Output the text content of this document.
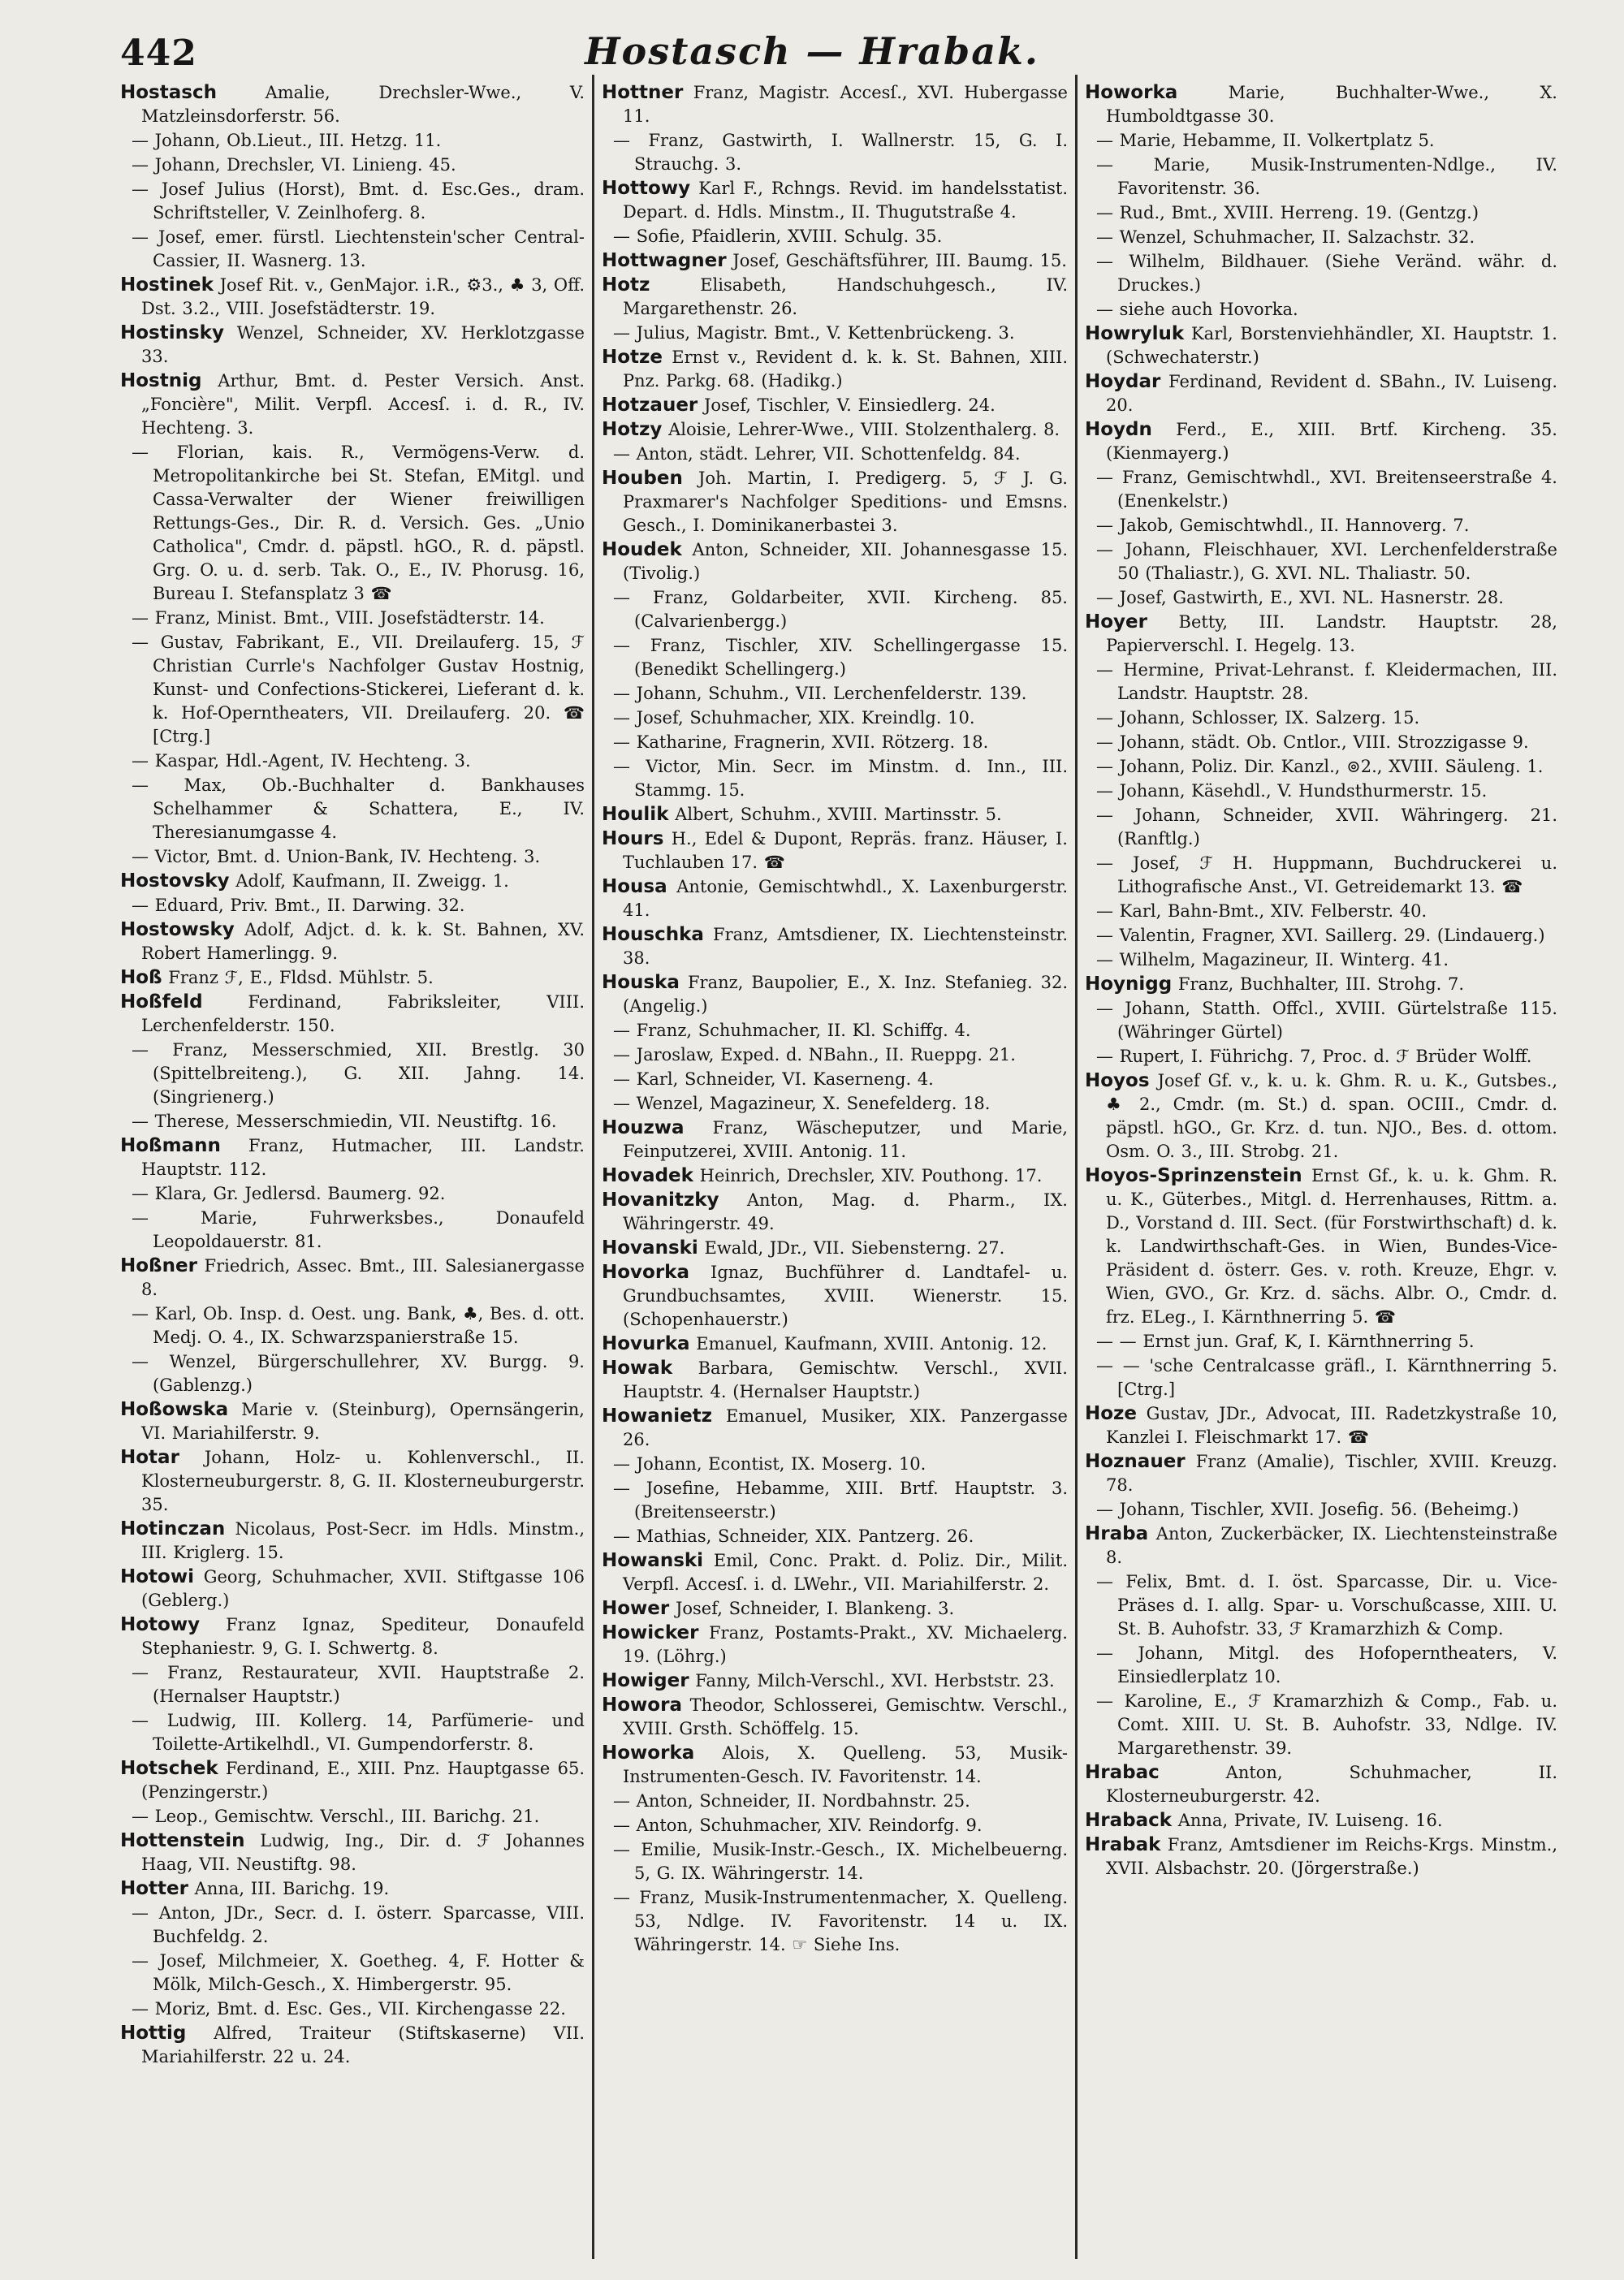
442	Hostasch — Hrabak.

Hostasch	Amalie, Drechsler-Wwe., V. Matzleinsdorferstr. 56.

— Johann, Ob.Lieut., III. Hetzg. 11.

— Johann, Drechsler, VI. Linieng. 45.

— Josef Julius (Horst), Bmt. d. Esc.Ges., dram. Schriftsteller, V. Zeinlhoferg. 8.

— Josef, emer. fürstl. Liechtenstein'scher Central-Cassier, II. Wasnerg. 13.

Hostinek Josef Rit. v., GenMajor. i.R., ⚙3., ♣ 3, Off. Dst. 3.2., VIII. Josefstädterstr. 19.

Hostinsky Wenzel, Schneider, XV. Herklotzgasse 33.

Hostnig Arthur, Bmt. d. Pester Versich. Anst. „Foncière", Milit. Verpfl. Accesſ. i. d. R., IV. Hechteng. 3.

— Florian, kais. R., Vermögens-Verw. d. Metropolitankirche bei St. Stefan, EMitgl. und Cassa-Verwalter der Wiener freiwilligen Rettungs-Ges., Dir. R. d. Versich. Ges. „Unio Catholica", Cmdr. d. päpstl. hGO., R. d. päpstl. Grg. O. u. d. serb. Tak. O., E., IV. Phorusg. 16, Bureau I. Stefansplatz 3 ☎

— Franz, Minist. Bmt., VIII. Josefstädterstr. 14.

— Gustav, Fabrikant, E., VII. Dreilauferg. 15, ℱ Christian Currle's Nachfolger Gustav Hostnig, Kunst- und Confections-Stickerei, Lieferant d. k. k. Hof-Operntheaters, VII. Dreilauferg. 20. ☎ [Ctrg.]

— Kaspar, Hdl.-Agent, IV. Hechteng. 3.

— Max, Ob.-Buchhalter d. Bankhauses Schelhammer & Schattera, E., IV. Theresianumgasse 4.

— Victor, Bmt. d. Union-Bank, IV. Hechteng. 3.

Hostovsky Adolf, Kaufmann, II. Zweigg. 1.

— Eduard, Priv. Bmt., II. Darwing. 32.

Hostowsky Adolf, Adjct. d. k. k. St. Bahnen, XV. Robert Hamerlingg. 9.

Hoß Franz ℱ, E., Fldsd. Mühlstr. 5.

Hoßfeld	Ferdinand, Fabriksleiter, VIII. Lerchenfelderstr. 150.

— Franz, Messerschmied, XII. Brestlg. 30 (Spittelbreiteng.), G. XII. Jahng. 14. (Singrienerg.)

— Therese, Messerschmiedin, VII. Neustiftg. 16.

Hoßmann Franz, Hutmacher, III. Landstr. Hauptstr. 112.

— Klara, Gr. Jedlersd. Baumerg. 92.

— Marie, Fuhrwerksbes., Donaufeld Leopoldauerstr. 81.

Hoßner Friedrich, Assec. Bmt., III. Salesianergasse 8.

— Karl, Ob. Insp. d. Oest. ung. Bank, ♣, Bes. d. ott. Medj. O. 4., IX. Schwarzspanierstraße 15.

— Wenzel, Bürgerschullehrer, XV. Burgg. 9. (Gablenzg.)

Hoßowska Marie v. (Steinburg), Opernsängerin, VI. Mariahilferstr. 9.

Hotar Johann, Holz- u. Kohlenverschl., II. Klosterneuburgerstr. 8, G. II. Klosterneuburgerstr. 35.

Hotinczan Nicolaus, Post-Secr. im Hdls. Minstm., III. Kriglerg. 15.

Hotowi Georg, Schuhmacher, XVII. Stiftgasse 106 (Geblerg.)

Hotowy Franz Ignaz, Spediteur, Donaufeld Stephaniestr. 9, G. I. Schwertg. 8.

— Franz, Restaurateur, XVII. Hauptstraße 2. (Hernalser Hauptstr.)

— Ludwig, III. Kollerg. 14, Parfümerie- und Toilette-Artikelhdl., VI. Gumpendorferstr. 8.

Hotschek Ferdinand, E., XIII. Pnz. Hauptgasse 65. (Penzingerstr.)

— Leop., Gemischtw. Verschl., III. Barichg. 21.

Hottenstein Ludwig, Ing., Dir. d. ℱ Johannes Haag, VII. Neustiftg. 98.

Hotter Anna, III. Barichg. 19.

— Anton, JDr., Secr. d. I. österr. Sparcasse, VIII. Buchfeldg. 2.

— Josef, Milchmeier, X. Goetheg. 4, F. Hotter & Mölk, Milch-Gesch., X. Himbergerstr. 95.

— Moriz, Bmt. d. Esc. Ges., VII. Kirchengasse 22.

Hottig Alfred, Traiteur (Stiftskaserne) VII. Mariahilferstr. 22 u. 24.

Hottner Franz, Magistr. Accesſ., XVI. Hubergasse 11.

— Franz, Gastwirth, I. Wallnerstr. 15, G. I. Strauchg. 3.

Hottowy Karl F., Rchngs. Revid. im handelsstatist. Depart. d. Hdls. Minstm., II. Thugutstraße 4.

— Sofie, Pfaidlerin, XVIII. Schulg. 35.

Hottwagner Josef, Geschäftsführer, III. Baumg. 15.

Hotz	Elisabeth, Handschuhgesch., IV. Margarethenstr. 26.

— Julius, Magistr. Bmt., V. Kettenbrückeng. 3.

Hotze Ernst v., Revident d. k. k. St. Bahnen, XIII. Pnz. Parkg. 68. (Hadikg.)

Hotzauer Josef, Tischler, V. Einsiedlerg. 24.

Hotzy Aloisie, Lehrer-Wwe., VIII. Stolzenthalerg. 8.

— Anton, städt. Lehrer, VII. Schottenfeldg. 84.

Houben Joh. Martin, I. Predigerg. 5, ℱ J. G. Praxmarer's Nachfolger Speditions- und Emsns. Gesch., I. Dominikanerbastei 3.

Houdek Anton, Schneider, XII. Johannesgasse 15. (Tivolig.)

— Franz, Goldarbeiter, XVII. Kircheng. 85. (Calvarienbergg.)

— Franz, Tischler, XIV. Schellingergasse 15. (Benedikt Schellingerg.)

— Johann, Schuhm., VII. Lerchenfelderstr. 139.

— Josef, Schuhmacher, XIX. Kreindlg. 10.

— Katharine, Fragnerin, XVII. Rötzerg. 18.

— Victor, Min. Secr. im Minstm. d. Inn., III. Stammg. 15.

Houlik Albert, Schuhm., XVIII. Martinsstr. 5.

Hours H., Edel & Dupont, Repräs. franz. Häuser, I. Tuchlauben 17. ☎

Housa Antonie, Gemischtwhdl., X. Laxenburgerstr. 41.

Houschka Franz, Amtsdiener, IX. Liechtensteinstr. 38.

Houska Franz, Baupolier, E., X. Inz. Stefanieg. 32. (Angelig.)

— Franz, Schuhmacher, II. Kl. Schiffg. 4.

— Jaroslaw, Exped. d. NBahn., II. Rueppg. 21.

— Karl, Schneider, VI. Kaserneng. 4.

— Wenzel, Magazineur, X. Senefelderg. 18.

Houzwa Franz, Wäscheputzer, und Marie, Feinputzerei, XVIII. Antonig. 11.

Hovadek Heinrich, Drechsler, XIV. Pouthong. 17.

Hovanitzky Anton, Mag. d. Pharm., IX. Währingerstr. 49.

Hovanski Ewald, JDr., VII. Siebensterng. 27.

Hovorka Ignaz, Buchführer d. Landtafel- u. Grundbuchsamtes, XVIII. Wienerstr. 15. (Schopenhauerstr.)

Hovurka Emanuel, Kaufmann, XVIII. Antonig. 12.

Howak Barbara, Gemischtw. Verschl., XVII. Hauptstr. 4. (Hernalser Hauptstr.)

Howanietz Emanuel, Musiker, XIX. Panzergasse 26.

— Johann, Econtist, IX. Moserg. 10.

— Josefine, Hebamme, XIII. Brtf. Hauptstr. 3. (Breitenseerstr.)

— Mathias, Schneider, XIX. Pantzerg. 26.

Howanski Emil, Conc. Prakt. d. Poliz. Dir., Milit. Verpfl. Accesſ. i. d. LWehr., VII. Mariahilferstr. 2.

Hower Josef, Schneider, I. Blankeng. 3.

Howicker Franz, Postamts-Prakt., XV. Michaelerg. 19. (Löhrg.)

Howiger Fanny, Milch-Verschl., XVI. Herbststr. 23.

Howora Theodor, Schlosserei, Gemischtw. Verschl., XVIII. Grsth. Schöffelg. 15.

Howorka Alois, X. Quelleng. 53, Musik-Instrumenten-Gesch. IV. Favoritenstr. 14.

— Anton, Schneider, II. Nordbahnstr. 25.

— Anton, Schuhmacher, XIV. Reindorfg. 9.

— Emilie, Musik-Instr.-Gesch., IX. Michelbeuerng. 5, G. IX. Währingerstr. 14.

— Franz, Musik-Instrumentenmacher, X. Quelleng. 53, Ndlge. IV. Favoritenstr. 14 u. IX. Währingerstr. 14. ☞ Siehe Ins.

Howorka	Marie, Buchhalter-Wwe., X. Humboldtgasse 30.

— Marie, Hebamme, II. Volkertplatz 5.

— Marie, Musik-Instrumenten-Ndlge., IV. Favoritenstr. 36.

— Rud., Bmt., XVIII. Herreng. 19. (Gentzg.)

— Wenzel, Schuhmacher, II. Salzachstr. 32.

— Wilhelm, Bildhauer. (Siehe Veränd. währ. d. Druckes.)

— siehe auch Hovorka.

Howryluk Karl, Borstenviehhändler, XI. Hauptstr. 1. (Schwechaterstr.)

Hoydar Ferdinand, Revident d. SBahn., IV. Luiseng. 20.

Hoydn Ferd., E., XIII. Brtf. Kircheng. 35. (Kienmayerg.)

— Franz, Gemischtwhdl., XVI. Breitenseerstraße 4. (Enenkelstr.)

— Jakob, Gemischtwhdl., II. Hannoverg. 7.

— Johann, Fleischhauer, XVI. Lerchenfelderstraße 50 (Thaliastr.), G. XVI. NL. Thaliastr. 50.

— Josef, Gastwirth, E., XVI. NL. Hasnerstr. 28.

Hoyer Betty, III. Landstr. Hauptstr. 28, Papierverschl. I. Hegelg. 13.

— Hermine, Privat-Lehranst. f. Kleidermachen, III. Landstr. Hauptstr. 28.

— Johann, Schlosser, IX. Salzerg. 15.

— Johann, städt. Ob. Cntlor., VIII. Strozzigasse 9.

— Johann, Poliz. Dir. Kanzl., ⊚2., XVIII. Säuleng. 1.

— Johann, Käsehdl., V. Hundsthurmerstr. 15.

— Johann, Schneider, XVII. Währingerg. 21. (Ranftlg.)

— Josef, ℱ H. Huppmann, Buchdruckerei u. Lithografische Anst., VI. Getreidemarkt 13. ☎

— Karl, Bahn-Bmt., XIV. Felberstr. 40.

— Valentin, Fragner, XVI. Saillerg. 29. (Lindauerg.)

— Wilhelm, Magazineur, II. Winterg. 41.

Hoynigg Franz, Buchhalter, III. Strohg. 7.

— Johann, Statth. Offcl., XVIII. Gürtelstraße 115. (Währinger Gürtel)

— Rupert, I. Führichg. 7, Proc. d. ℱ Brüder Wolff.

Hoyos Josef Gf. v., k. u. k. Ghm. R. u. K., Gutsbes., ♣ 2., Cmdr. (m. St.) d. span. OCIII., Cmdr. d. päpstl. hGO., Gr. Krz. d. tun. NJO., Bes. d. ottom. Osm. O. 3., III. Strobg. 21.

Hoyos-Sprinzenstein Ernst Gf., k. u. k. Ghm. R. u. K., Güterbes., Mitgl. d. Herrenhauses, Rittm. a. D., Vorstand d. III. Sect. (für Forstwirthschaft) d. k. k. Landwirthschaft-Ges. in Wien, Bundes-Vice-Präsident d. österr. Ges. v. roth. Kreuze, Ehgr. v. Wien, GVO., Gr. Krz. d. sächs. Albr. O., Cmdr. d. frz. ELeg., I. Kärnthnerring 5. ☎

— — Ernst jun. Graf, K, I. Kärnthnerring 5.

— — 'sche Centralcasse gräfl., I. Kärnthnerring 5. [Ctrg.]

Hoze Gustav, JDr., Advocat, III. Radetzkystraße 10, Kanzlei I. Fleischmarkt 17. ☎

Hoznauer Franz (Amalie), Tischler, XVIII. Kreuzg. 78.

— Johann, Tischler, XVII. Josefig. 56. (Beheimg.)

Hraba Anton, Zuckerbäcker, IX. Liechtensteinstraße 8.

— Felix, Bmt. d. I. öst. Sparcasse, Dir. u. Vice-Präses d. I. allg. Spar- u. Vorschußcasse, XIII. U. St. B. Auhofstr. 33, ℱ Kramarzhizh & Comp.

— Johann, Mitgl. des Hofoperntheaters, V. Einsiedlerplatz 10.

— Karoline, E., ℱ Kramarzhizh & Comp., Fab. u. Comt. XIII. U. St. B. Auhofstr. 33, Ndlge. IV. Margarethenstr. 39.

Hrabac	Anton, Schuhmacher, II. Klosterneuburgerstr. 42.

Hraback Anna, Private, IV. Luiseng. 16.

Hrabak Franz, Amtsdiener im Reichs-Krgs. Minstm., XVII. Alsbachstr. 20. (Jörgerstraße.)
